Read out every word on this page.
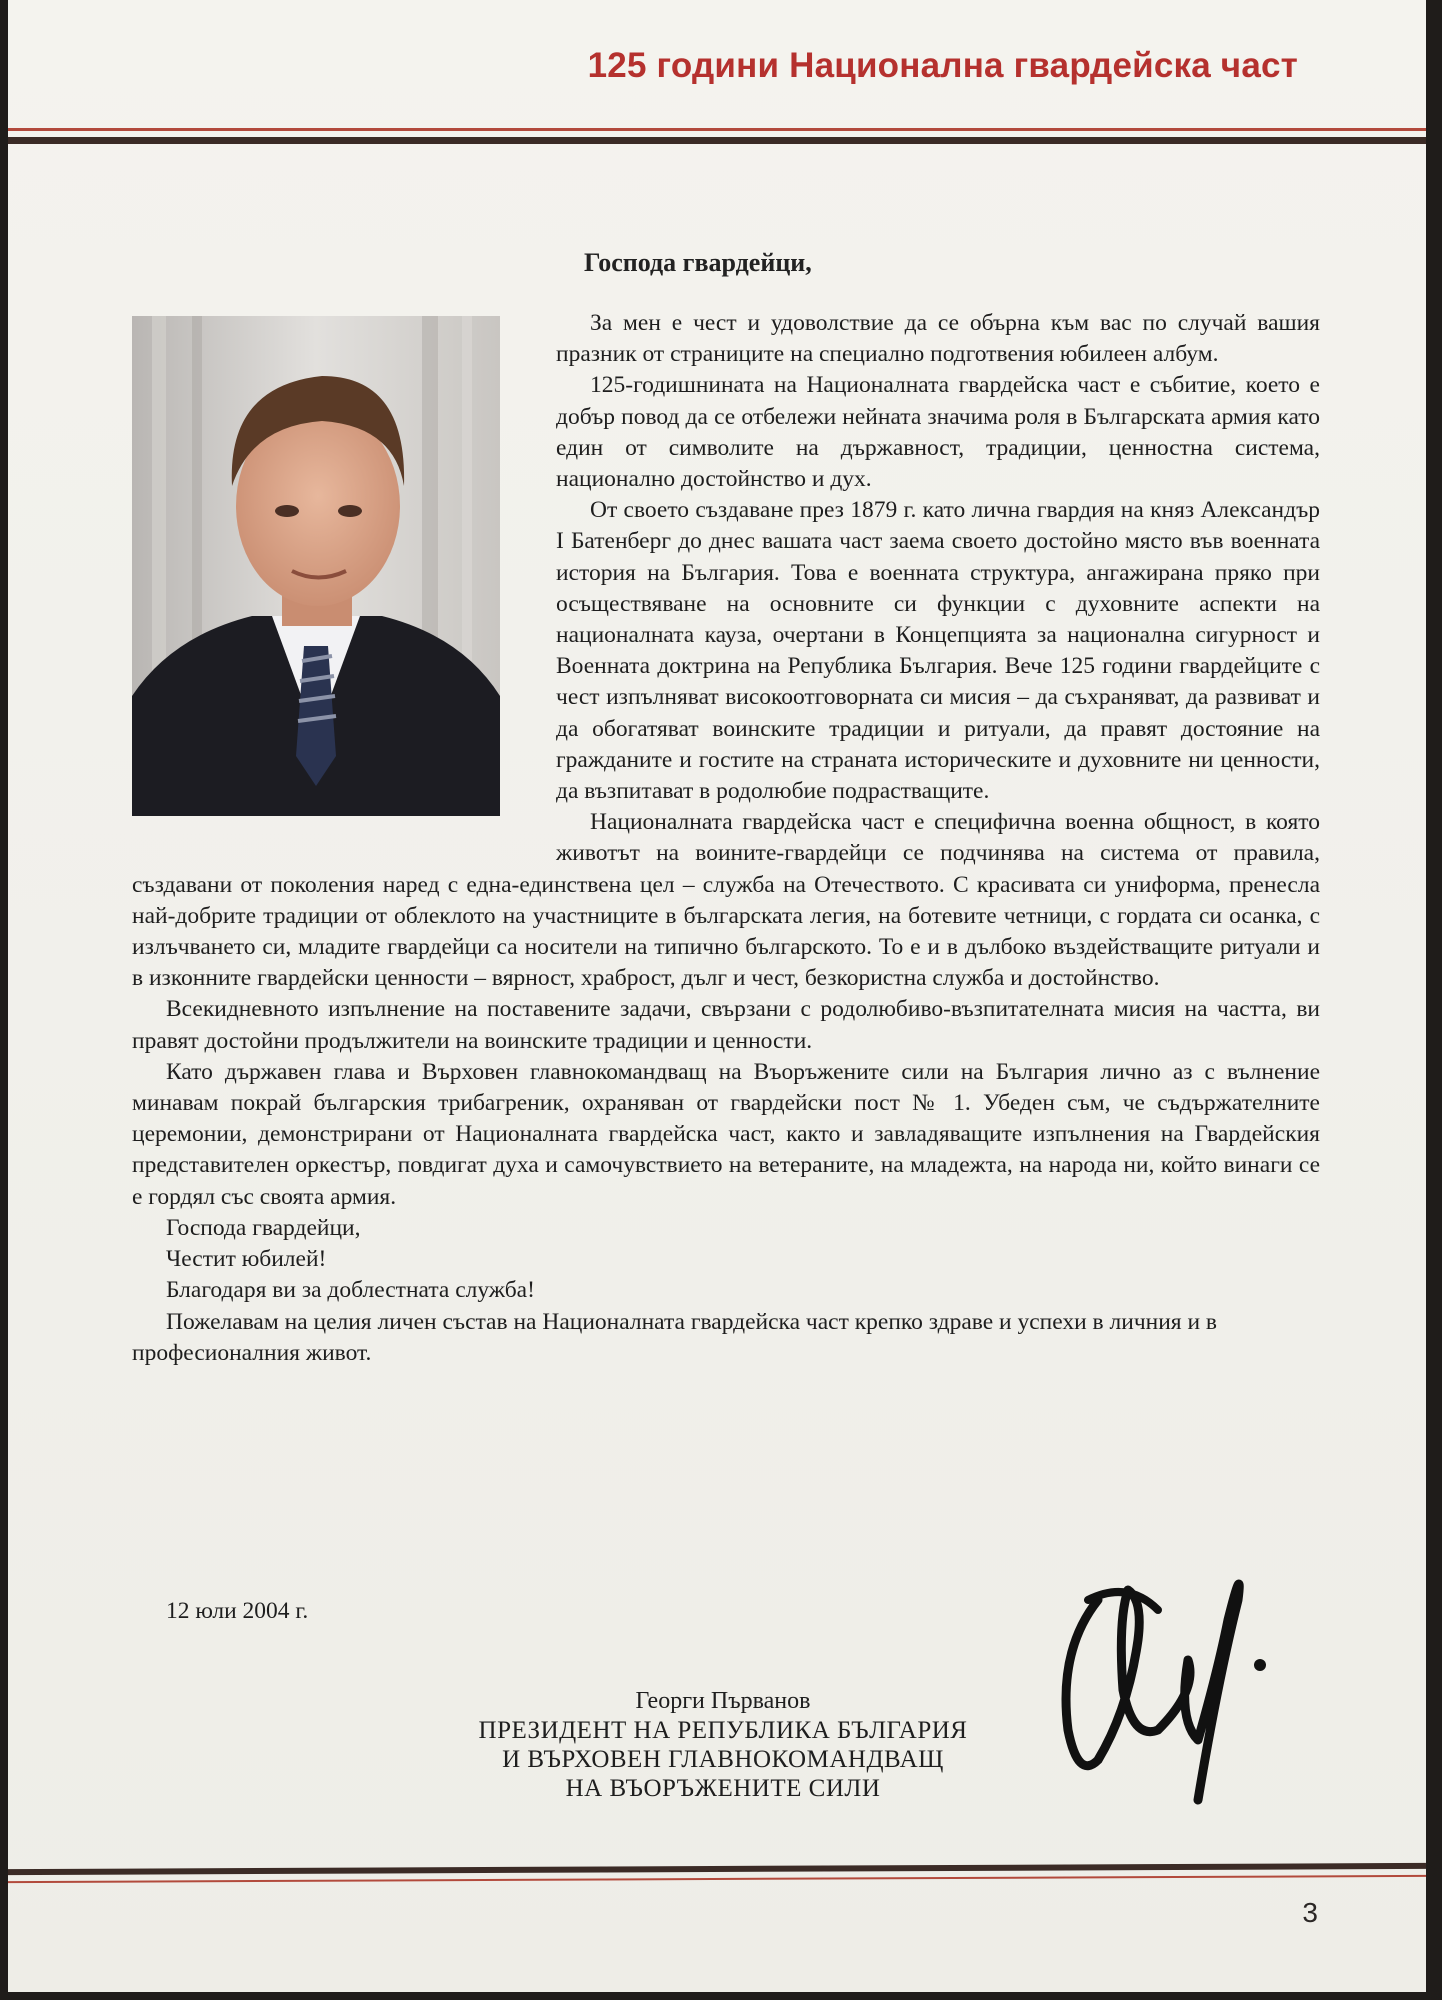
125 години Национална гвардейска част
Господа гвардейци,

За мен е чест и удоволствие да се обърна към вас по случай вашия празник от страниците на специално подготвения юбилеен албум.

125-годишнината на Националната гвардейска част е събитие, което е добър повод да се отбележи нейната значима роля в Българската армия като един от символите на държавност, традиции, ценностна система, национално достойнство и дух.

От своето създаване през 1879 г. като лична гвардия на княз Александър I Батенберг до днес вашата част заема своето достойно място във военната история на България. Това е военната структура, ангажирана пряко при осъществяване на основните си функции с духовните аспекти на националната кауза, очертани в Концепцията за национална сигурност и Военната доктрина на Република България. Вече 125 години гвардейците с чест изпълняват високоотговорната си мисия – да съхраняват, да развиват и да обогатяват воинските традиции и ритуали, да правят достояние на гражданите и гостите на страната историческите и духовните ни ценности, да възпитават в родолюбие подрастващите.

Националната гвардейска част е специфична военна общност, в която животът на воините-гвардейци се подчинява на система от правила, създавани от поколения наред с една-единствена цел – служба на Отечеството. С красивата си униформа, пренесла най-добрите традиции от облеклото на участниците в българската легия, на ботевите четници, с гордата си осанка, с излъчването си, младите гвардейци са носители на типично българското. То е и в дълбоко въздействащите ритуали и в изконните гвардейски ценности – вярност, храброст, дълг и чест, безкористна служба и достойнство.

Всекидневното изпълнение на поставените задачи, свързани с родолюбиво-възпитателната мисия на частта, ви правят достойни продължители на воинските традиции и ценности.

Като държавен глава и Върховен главнокомандващ на Въоръжените сили на България лично аз с вълнение минавам покрай българския трибагреник, охраняван от гвардейски пост № 1. Убеден съм, че съдържателните церемонии, демонстрирани от Националната гвардейска част, както и завладяващите изпълнения на Гвардейския представителен оркестър, повдигат духа и самочувствието на ветераните, на младежта, на народа ни, който винаги се е гордял със своята армия.

Господа гвардейци,

Честит юбилей!

Благодаря ви за доблестната служба!

Пожелавам на целия личен състав на Националната гвардейска част крепко здраве и успехи в личния и в професионалния живот.

12 юли 2004 г.
Георги Първанов
ПРЕЗИДЕНТ НА РЕПУБЛИКА БЪЛГАРИЯ
И ВЪРХОВЕН ГЛАВНОКОМАНДВАЩ
НА ВЪОРЪЖЕНИТЕ СИЛИ
3
